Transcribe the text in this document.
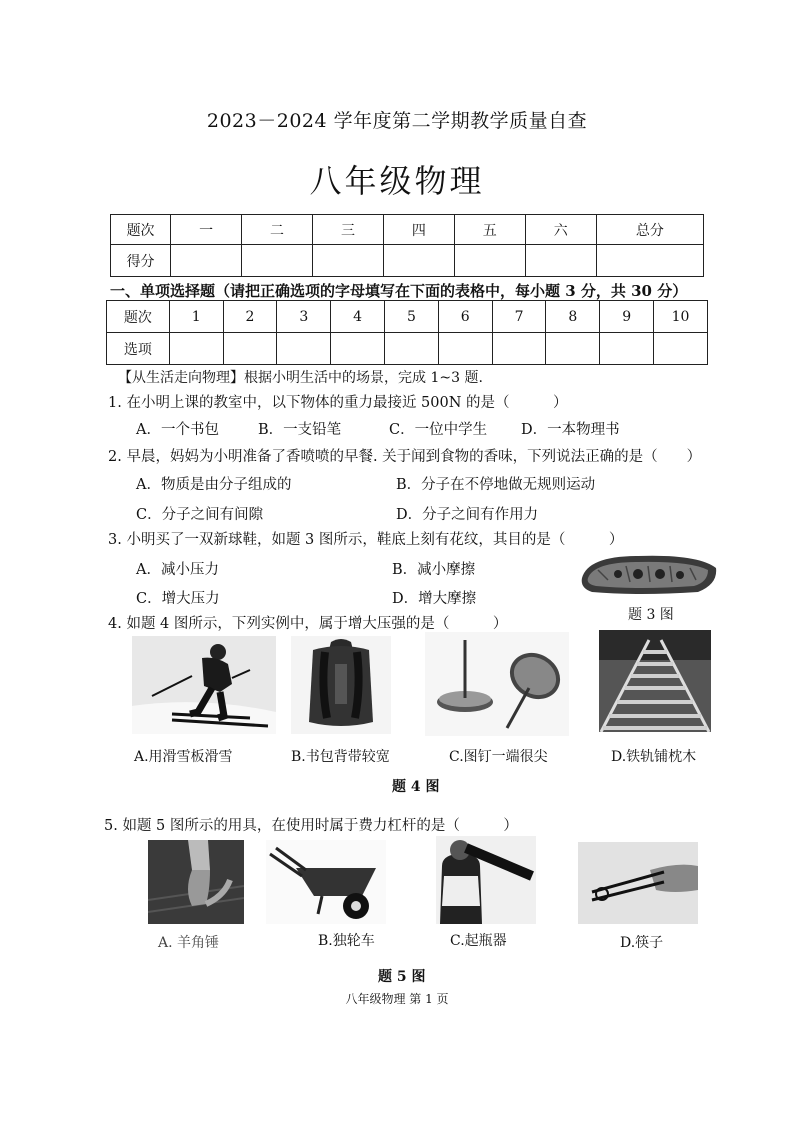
2023－2024 学年度第二学期教学质量自查
八年级物理
题次	一	二	三	四	五	六	总分
得分							
一、单项选择题（请把正确选项的字母填写在下面的表格中，每小题 3 分，共 30 分）
题次	1	2	3	4	5	6	7	8	9	10
选项										
【从生活走向物理】根据小明生活中的场景，完成 1~3 题.
1. 在小明上课的教室中，以下物体的重力最接近 500N 的是（　　　）
A．一个书包	B．一支铅笔	C．一位中学生 D．一本物理书
2. 早晨，妈妈为小明准备了香喷喷的早餐. 关于闻到食物的香味，下列说法正确的是（　　）
A．物质是由分子组成的	B．分子在不停地做无规则运动
C．分子之间有间隙	D．分子之间有作用力
3. 小明买了一双新球鞋，如题 3 图所示，鞋底上刻有花纹，其目的是（　　　）
A．减小压力	B．减小摩擦
C．增大压力	D．增大摩擦
题 3 图
4. 如题 4 图所示，下列实例中，属于增大压强的是（　　　）
A.用滑雪板滑雪	B.书包背带较宽	C.图钉一端很尖	D.铁轨铺枕木
题 4 图
5. 如题 5 图所示的用具，在使用时属于费力杠杆的是（　　　）
A. 羊角锤	B.独轮车	C.起瓶器	D.筷子
题 5 图
八年级物理 第 1 页
